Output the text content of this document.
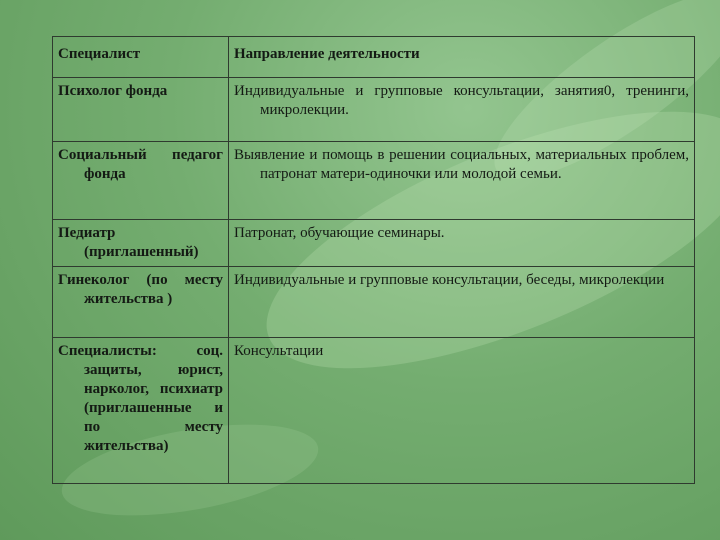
Специалист	Направление деятельности

Психолог фонда	Индивидуальные и групповые консультации, занятия0, тренинги, микролекции.

Социальный педагог фонда	Выявление и помощь в решении социальных, материальных проблем, патронат матери-одиночки или молодой семьи.

Педиатр (приглашенный)	Патронат, обучающие семинары.

Гинеколог (по месту жительства )	Индивидуальные и групповые консультации, беседы, микролекции

Специалисты: соц. защиты, юрист, нарколог, психиатр (приглашенные и по месту жительства)	Консультации
